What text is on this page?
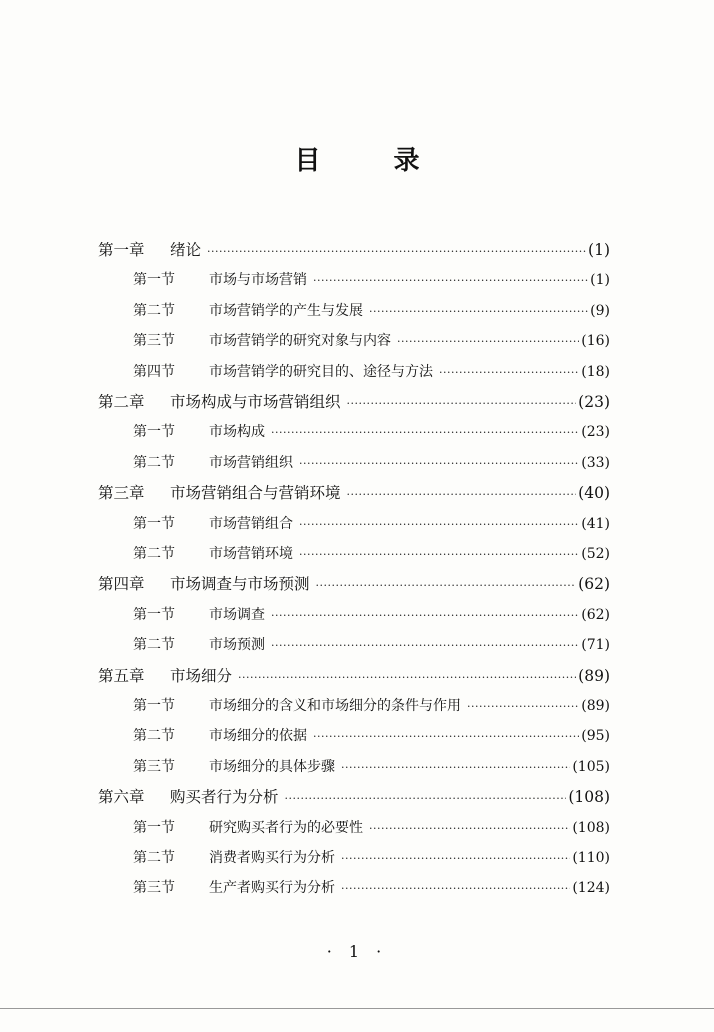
目 录
第一章	绪论 ·····	(1)
第一节	市场与市场营销 ·····	(1)
第二节	市场营销学的产生与发展 ·····	(9)
第三节	市场营销学的研究对象与内容 ·····	(16)
第四节	市场营销学的研究目的、途径与方法 ·····	(18)
第二章	市场构成与市场营销组织 ·····	(23)
第一节	市场构成 ·····	(23)
第二节	市场营销组织 ·····	(33)
第三章	市场营销组合与营销环境 ·····	(40)
第一节	市场营销组合 ·····	(41)
第二节	市场营销环境 ·····	(52)
第四章	市场调查与市场预测 ·····	(62)
第一节	市场调查 ·····	(62)
第二节	市场预测 ·····	(71)
第五章	市场细分 ·····	(89)
第一节	市场细分的含义和市场细分的条件与作用 ·····	(89)
第二节	市场细分的依据 ·····	(95)
第三节	市场细分的具体步骤 ·····	(105)
第六章	购买者行为分析 ·····	(108)
第一节	研究购买者行为的必要性 ·····	(108)
第二节	消费者购买行为分析 ·····	(110)
第三节	生产者购买行为分析 ·····	(124)
· 1 ·
